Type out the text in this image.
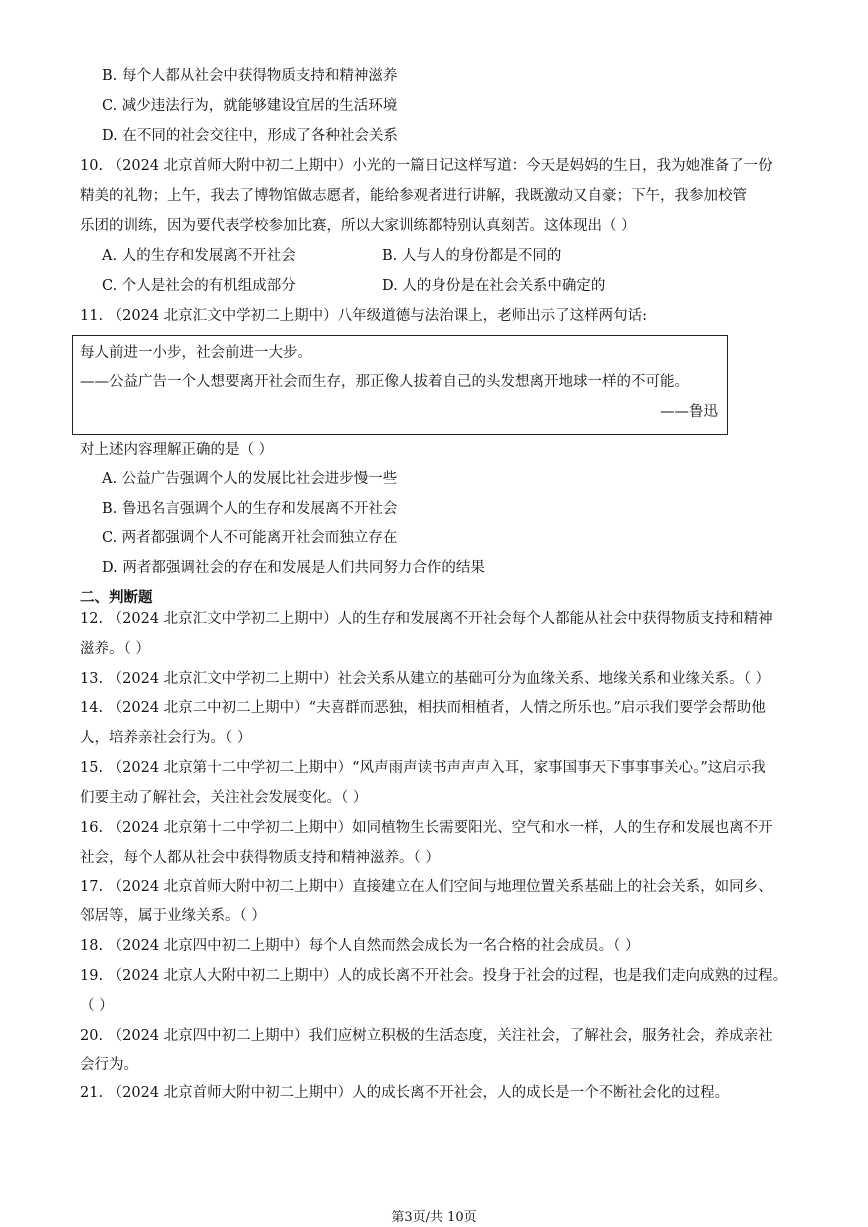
B. 每个人都从社会中获得物质支持和精神滋养
C. 减少违法行为，就能够建设宜居的生活环境
D. 在不同的社会交往中，形成了各种社会关系
10. （2024 北京首师大附中初二上期中）小光的一篇日记这样写道：今天是妈妈的生日，我为她准备了一份
精美的礼物；上午，我去了博物馆做志愿者，能给参观者进行讲解，我既激动又自豪；下午，我参加校管
乐团的训练，因为要代表学校参加比赛，所以大家训练都特别认真刻苦。这体现出（ ）
A. 人的生存和发展离不开社会	B. 人与人的身份都是不同的
C. 个人是社会的有机组成部分	D. 人的身份是在社会关系中确定的
11. （2024 北京汇文中学初二上期中）八年级道德与法治课上，老师出示了这样两句话:
每人前进一小步，社会前进一大步。
——公益广告一个人想要离开社会而生存，那正像人拔着自己的头发想离开地球一样的不可能。
——鲁迅
对上述内容理解正确的是（ ）
A. 公益广告强调个人的发展比社会进步慢一些
B. 鲁迅名言强调个人的生存和发展离不开社会
C. 两者都强调个人不可能离开社会而独立存在
D. 两者都强调社会的存在和发展是人们共同努力合作的结果
二、判断题
12. （2024 北京汇文中学初二上期中）人的生存和发展离不开社会每个人都能从社会中获得物质支持和精神
滋养。（ ）
13. （2024 北京汇文中学初二上期中）社会关系从建立的基础可分为血缘关系、地缘关系和业缘关系。（ ）
14. （2024 北京二中初二上期中）“夫喜群而恶独，相扶而相植者，人情之所乐也。”启示我们要学会帮助他
人，培养亲社会行为。（ ）
15. （2024 北京第十二中学初二上期中）“风声雨声读书声声声入耳，家事国事天下事事事关心。”这启示我
们要主动了解社会，关注社会发展变化。（ ）
16. （2024 北京第十二中学初二上期中）如同植物生长需要阳光、空气和水一样，人的生存和发展也离不开
社会，每个人都从社会中获得物质支持和精神滋养。（ ）
17. （2024 北京首师大附中初二上期中）直接建立在人们空间与地理位置关系基础上的社会关系，如同乡、
邻居等，属于业缘关系。（ ）
18. （2024 北京四中初二上期中）每个人自然而然会成长为一名合格的社会成员。（ ）
19. （2024 北京人大附中初二上期中）人的成长离不开社会。投身于社会的过程，也是我们走向成熟的过程。
（ ）
20. （2024 北京四中初二上期中）我们应树立积极的生活态度，关注社会，了解社会，服务社会，养成亲社
会行为。
21. （2024 北京首师大附中初二上期中）人的成长离不开社会，人的成长是一个不断社会化的过程。
第3页/共 10页
